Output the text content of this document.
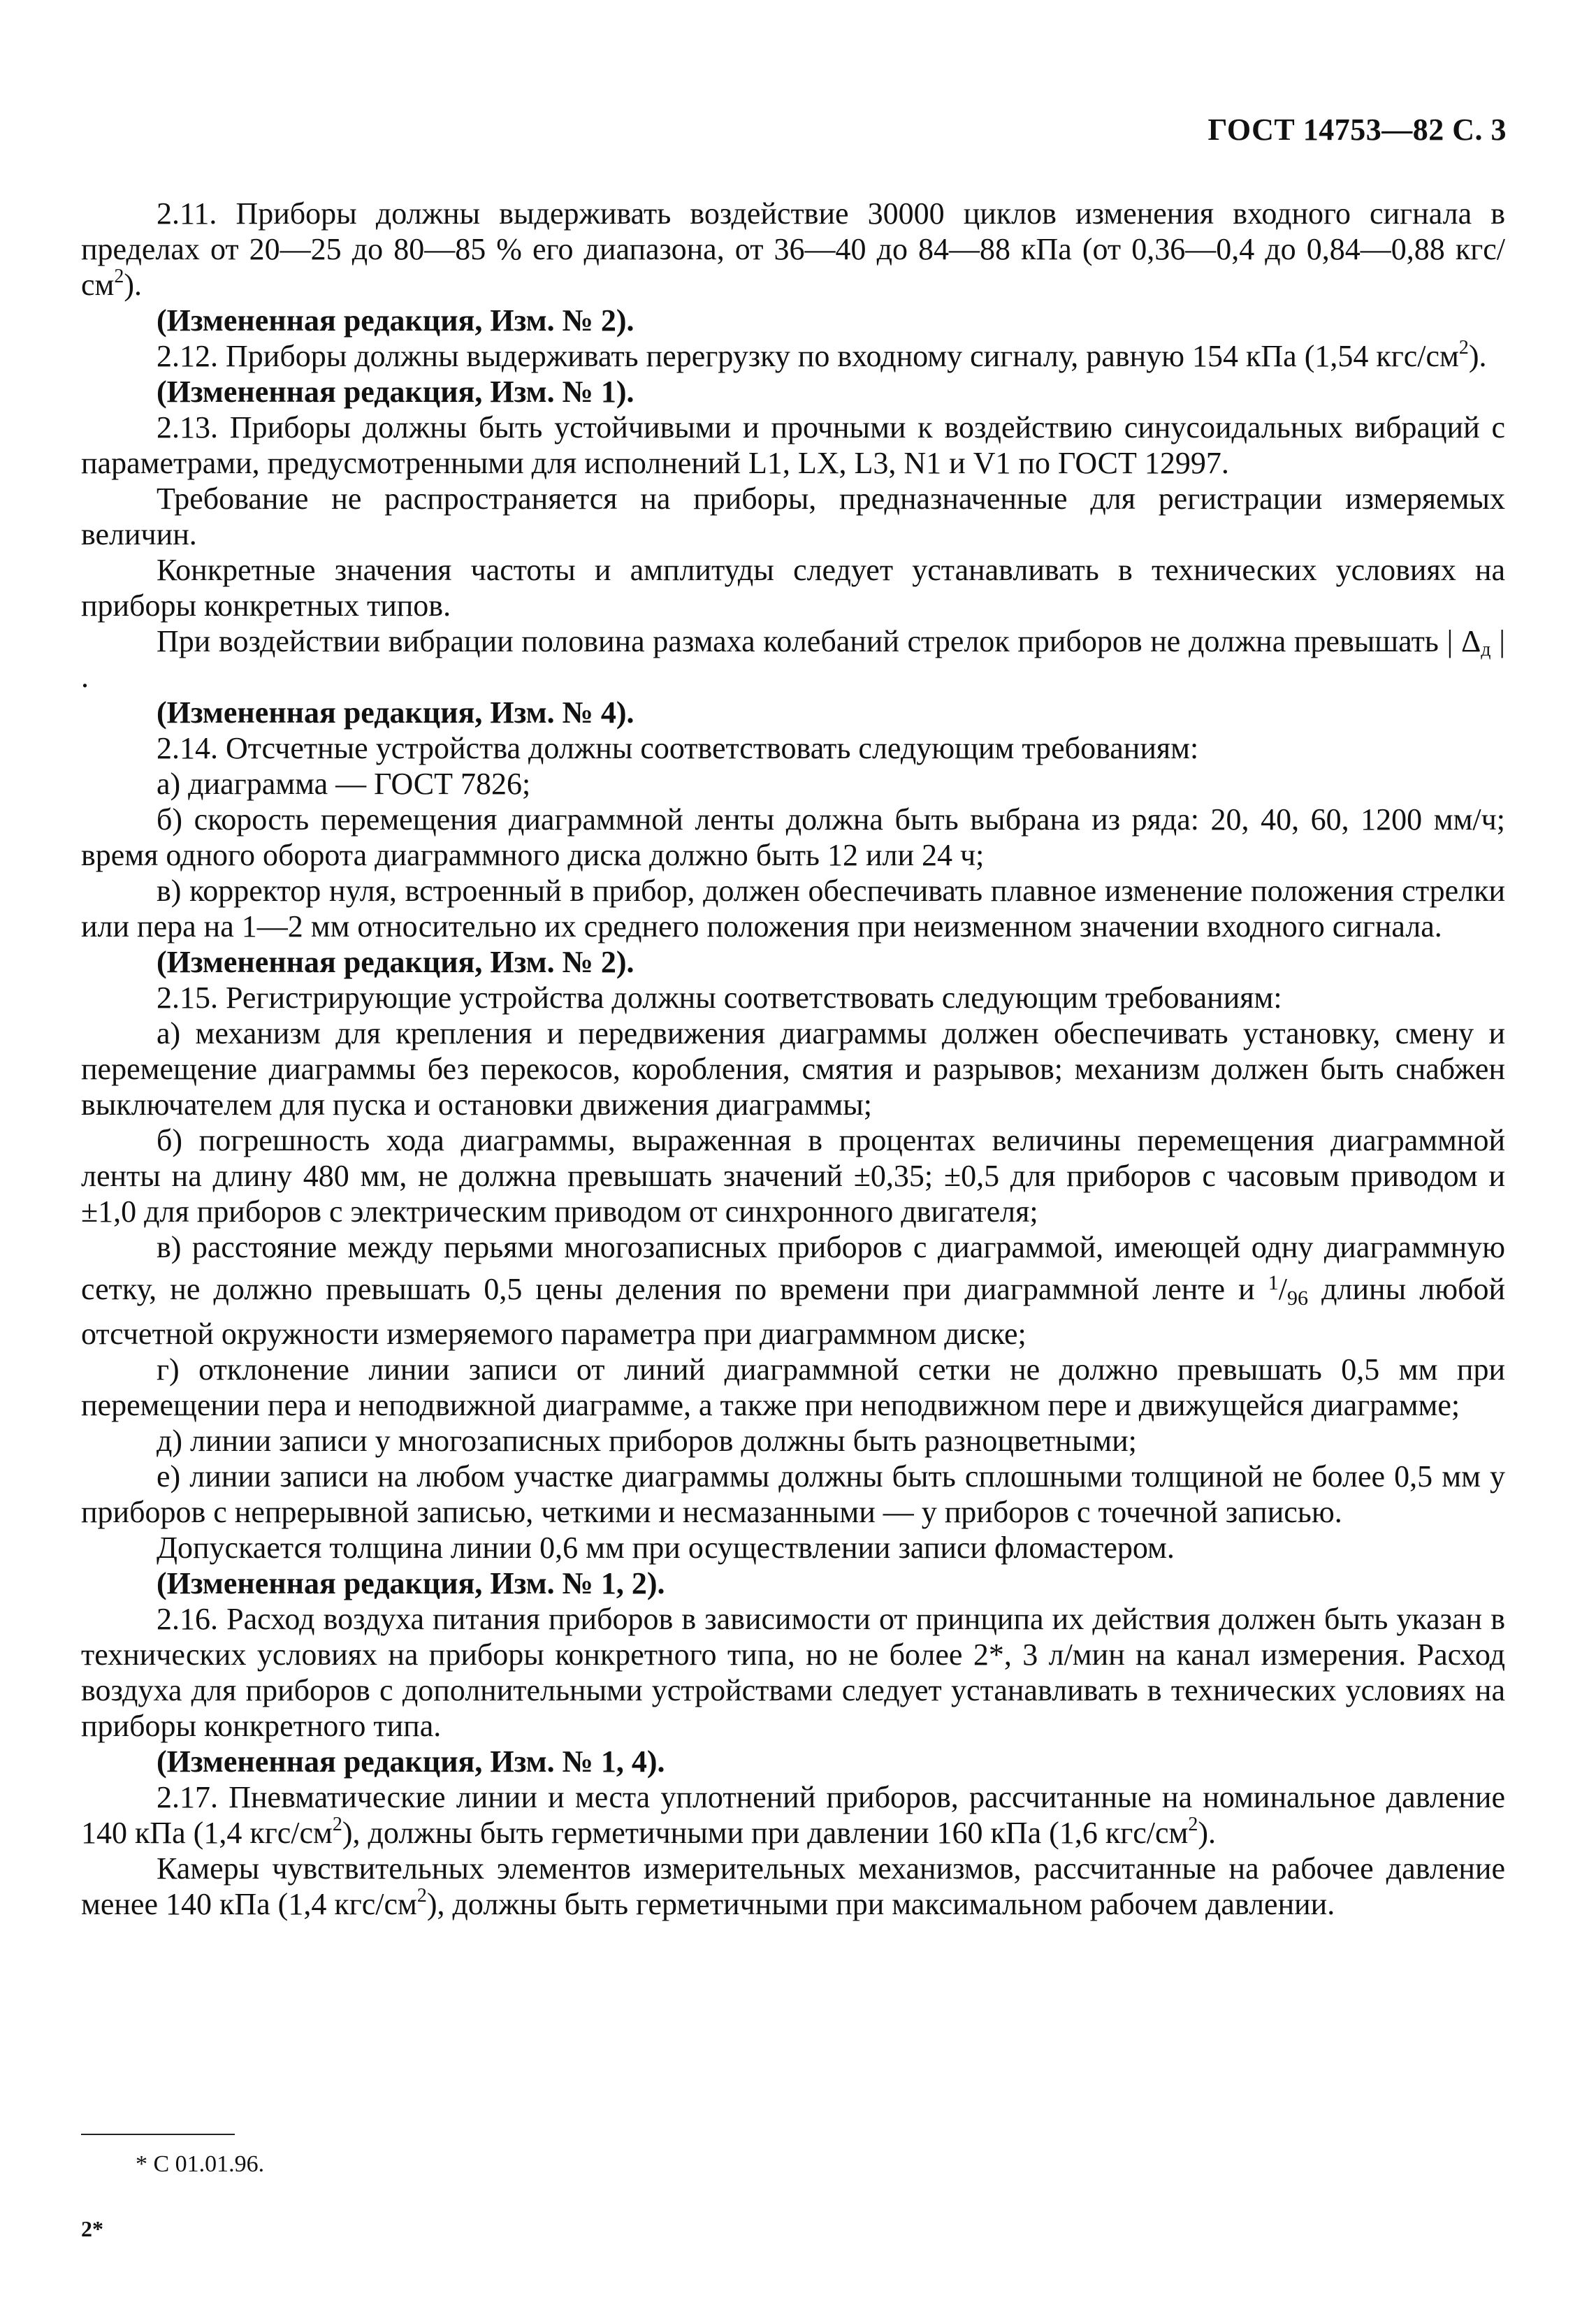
ГОСТ 14753—82 С. 3

2.11. Приборы должны выдерживать воздействие 30000 циклов изменения входного сигнала в пределах от 20—25 до 80—85 % его диапазона, от 36—40 до 84—88 кПа (от 0,36—0,4 до 0,84—0,88 кгс/$см^2$).

(Измененная редакция, Изм. № 2).

2.12. Приборы должны выдерживать перегрузку по входному сигналу, равную 154 кПа (1,54 кгс/$см^2$).

(Измененная редакция, Изм. № 1).

2.13. Приборы должны быть устойчивыми и прочными к воздействию синусоидальных вибраций с параметрами, предусмотренными для исполнений L1, LX, L3, N1 и V1 по ГОСТ 12997.

Требование не распространяется на приборы, предназначенные для регистрации измеряемых величин.

Конкретные значения частоты и амплитуды следует устанавливать в технических условиях на приборы конкретных типов.

При воздействии вибрации половина размаха колебаний стрелок приборов не должна превышать | $\Delta_д$ | .

(Измененная редакция, Изм. № 4).

2.14. Отсчетные устройства должны соответствовать следующим требованиям:

а) диаграмма — ГОСТ 7826;

б) скорость перемещения диаграммной ленты должна быть выбрана из ряда: 20, 40, 60, 1200 мм/ч; время одного оборота диаграммного диска должно быть 12 или 24 ч;

в) корректор нуля, встроенный в прибор, должен обеспечивать плавное изменение положения стрелки или пера на 1—2 мм относительно их среднего положения при неизменном значении входного сигнала.

(Измененная редакция, Изм. № 2).

2.15. Регистрирующие устройства должны соответствовать следующим требованиям:

а) механизм для крепления и передвижения диаграммы должен обеспечивать установку, смену и перемещение диаграммы без перекосов, коробления, смятия и разрывов; механизм должен быть снабжен выключателем для пуска и остановки движения диаграммы;

б) погрешность хода диаграммы, выраженная в процентах величины перемещения диаграммной ленты на длину 480 мм, не должна превышать значений ±0,35; ±0,5 для приборов с часовым приводом и ±1,0 для приборов с электрическим приводом от синхронного двигателя;

в) расстояние между перьями многозаписных приборов с диаграммой, имеющей одну диаграммную сетку, не должно превышать 0,5 цены деления по времени при диаграммной ленте и $^1$/96 длины любой отсчетной окружности измеряемого параметра при диаграммном диске;

г) отклонение линии записи от линий диаграммной сетки не должно превышать 0,5 мм при перемещении пера и неподвижной диаграмме, а также при неподвижном пере и движущейся диаграмме;

д) линии записи у многозаписных приборов должны быть разноцветными;

е) линии записи на любом участке диаграммы должны быть сплошными толщиной не более 0,5 мм у приборов с непрерывной записью, четкими и несмазанными — у приборов с точечной записью.

Допускается толщина линии 0,6 мм при осуществлении записи фломастером.

(Измененная редакция, Изм. № 1, 2).

2.16. Расход воздуха питания приборов в зависимости от принципа их действия должен быть указан в технических условиях на приборы конкретного типа, но не более 2*, 3 л/мин на канал измерения. Расход воздуха для приборов с дополнительными устройствами следует устанавливать в технических условиях на приборы конкретного типа.

(Измененная редакция, Изм. № 1, 4).

2.17. Пневматические линии и места уплотнений приборов, рассчитанные на номинальное давление 140 кПа (1,4 кгс/$см^2$), должны быть герметичными при давлении 160 кПа (1,6 кгс/$см^2$).

Камеры чувствительных элементов измерительных механизмов, рассчитанные на рабочее давление менее 140 кПа (1,4 кгс/$см^2$), должны быть герметичными при максимальном рабочем давлении.

* С 01.01.96.
2*
